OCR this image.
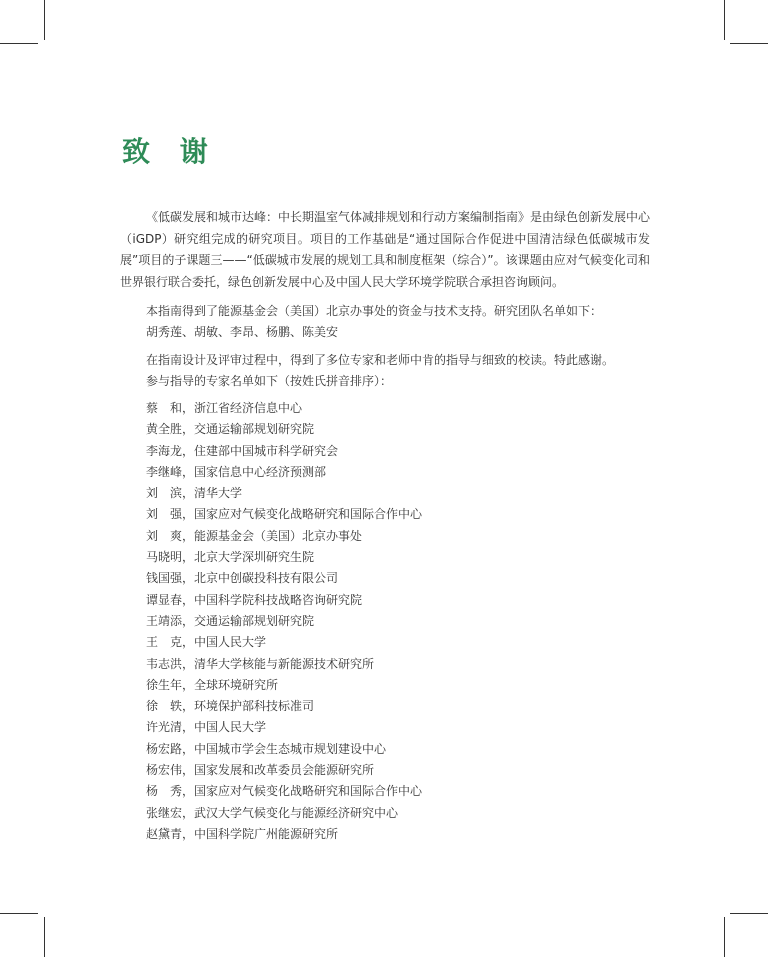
致 谢

《低碳发展和城市达峰：中长期温室气体减排规划和行动方案编制指南》是由绿色创新发展中心（iGDP）研究组完成的研究项目。项目的工作基础是“通过国际合作促进中国清洁绿色低碳城市发展”项目的子课题三——“低碳城市发展的规划工具和制度框架（综合）”。该课题由应对气候变化司和世界银行联合委托，绿色创新发展中心及中国人民大学环境学院联合承担咨询顾问。

本指南得到了能源基金会（美国）北京办事处的资金与技术支持。研究团队名单如下：
胡秀莲、胡敏、李昂、杨鹏、陈美安
在指南设计及评审过程中，得到了多位专家和老师中肯的指导与细致的校读。特此感谢。
参与指导的专家名单如下（按姓氏拼音排序）：
蔡　和，浙江省经济信息中心
黄全胜，交通运输部规划研究院
李海龙，住建部中国城市科学研究会
李继峰，国家信息中心经济预测部
刘　滨，清华大学
刘　强，国家应对气候变化战略研究和国际合作中心
刘　爽，能源基金会（美国）北京办事处
马晓明，北京大学深圳研究生院
钱国强，北京中创碳投科技有限公司
谭显春，中国科学院科技战略咨询研究院
王靖添，交通运输部规划研究院
王　克，中国人民大学
韦志洪，清华大学核能与新能源技术研究所
徐生年，全球环境研究所
徐　轶，环境保护部科技标准司
许光清，中国人民大学
杨宏路，中国城市学会生态城市规划建设中心
杨宏伟，国家发展和改革委员会能源研究所
杨　秀，国家应对气候变化战略研究和国际合作中心
张继宏，武汉大学气候变化与能源经济研究中心
赵黛青，中国科学院广州能源研究所
